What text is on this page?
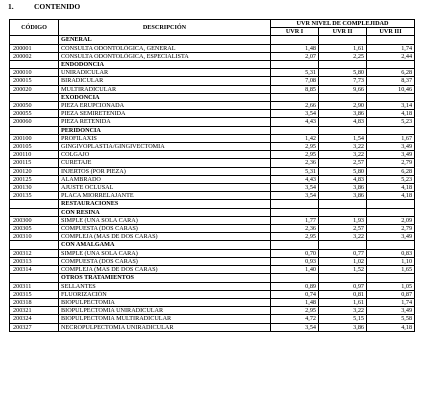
1.	CONTENIDO
CÓDIGO	DESCRIPCIÓN	UVR NIVEL DE COMPLEJIDAD		
		UVR I	UVR II	UVR III
	GENERAL			
200001	CONSULTA ODONTOLÓGICA, GENERAL	1,48	1,61	1,74
200002	CONSULTA ODONTOLÓGICA, ESPECIALISTA	2,07	2,25	2,44
	ENDODONCIA			
200010	UNIRADICULAR	5,31	5,80	6,28
200015	BIRADICULAR	7,08	7,73	8,37
200020	MULTIRADICULAR	8,85	9,66	10,46
	EXODONCIA			
200050	PIEZA ERUPCIONADA	2,66	2,90	3,14
200055	PIEZA SEMIRETENIDA	3,54	3,86	4,18
200060	PIEZA RETENIDA	4,43	4,83	5,23
	PERIDONCIA			
200100	PROFILAXIS	1,42	1,54	1,67
200105	GINGIVOPLASTIA/GINGIVECTOMIA	2,95	3,22	3,49
200110	COLGAJO	2,95	3,22	3,49
200115	CURETAJE	2,36	2,57	2,79
200120	INJERTOS (POR PIEZA)	5,31	5,80	6,28
200125	ALAMBRADO	4,43	4,83	5,23
200130	AJUSTE OCLUSAL	3,54	3,86	4,18
200135	PLACA MIORRELAJANTE	3,54	3,86	4,18
	RESTAURACIONES			
	CON RESINA			
200300	SIMPLE (UNA SOLA CARA)	1,77	1,93	2,09
200305	COMPUESTA (DOS CARAS)	2,36	2,57	2,79
200310	COMPLEJA (MAS DE DOS CARAS)	2,95	3,22	3,49
	CON AMALGAMA			
200312	SIMPLE (UNA SOLA CARA)	0,70	0,77	0,83
200313	COMPUESTA (DOS CARAS)	0,93	1,02	1,10
200314	COMPLEJA (MAS DE DOS CARAS)	1,40	1,52	1,65
	OTROS TRATAMIENTOS			
200311	SELLANTES	0,89	0,97	1,05
200315	FLUORIZACIÓN	0,74	0,81	0,87
200318	BIOPULPECTOMIA	1,48	1,61	1,74
200321	BIOPULPECTOMIA UNIRADICULAR	2,95	3,22	3,49
200324	BIOPULPECTOMIA MULTIRADICULAR	4,72	5,15	5,58
200327	NECROPULPECTOMIA UNIRADICULAR	3,54	3,86	4,18
